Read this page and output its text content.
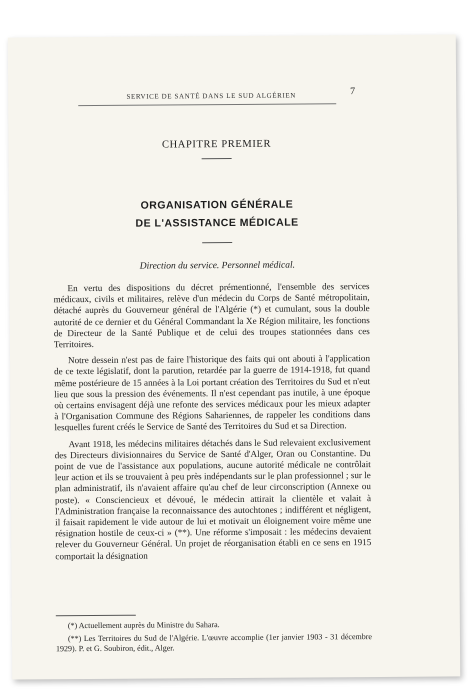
SERVICE DE SANTÉ DANS LE SUD ALGÉRIEN	7
CHAPITRE PREMIER
ORGANISATION GÉNÉRALE
DE L'ASSISTANCE MÉDICALE
Direction du service. Personnel médical.

En vertu des dispositions du décret prémentionné, l'ensemble des services médicaux, civils et militaires, relève d'un médecin du Corps de Santé métropolitain, détaché auprès du Gouverneur général de l'Algérie (*) et cumulant, sous la double autorité de ce dernier et du Général Commandant la Xe Région militaire, les fonctions de Directeur de la Santé Publique et de celui des troupes stationnées dans ces Territoires.

Notre dessein n'est pas de faire l'historique des faits qui ont abouti à l'application de ce texte législatif, dont la parution, retardée par la guerre de 1914-1918, fut quand même postérieure de 15 années à la Loi portant création des Territoires du Sud et n'eut lieu que sous la pression des événements. Il n'est cependant pas inutile, à une époque où certains envisagent déjà une refonte des services médicaux pour les mieux adapter à l'Organisation Commune des Régions Sahariennes, de rappeler les conditions dans lesquelles furent créés le Service de Santé des Territoires du Sud et sa Direction.

Avant 1918, les médecins militaires détachés dans le Sud relevaient exclusivement des Directeurs divisionnaires du Service de Santé d'Alger, Oran ou Constantine. Du point de vue de l'assistance aux populations, aucune autorité médicale ne contrôlait leur action et ils se trouvaient à peu près indépendants sur le plan professionnel ; sur le plan administratif, ils n'avaient affaire qu'au chef de leur circonscription (Annexe ou poste). « Consciencieux et dévoué, le médecin attirait la clientèle et valait à l'Administration française la reconnaissance des autochtones ; indifférent et négligent, il faisait rapidement le vide autour de lui et motivait un éloignement voire même une résignation hostile de ceux-ci » (**). Une réforme s'imposait : les médecins devaient relever du Gouverneur Général. Un projet de réorganisation établi en ce sens en 1915 comportait la désignation

(*) Actuellement auprès du Ministre du Sahara.

(**) Les Territoires du Sud de l'Algérie. L'œuvre accomplie (1er janvier 1903 - 31 décembre 1929). P. et G. Soubiron, édit., Alger.
